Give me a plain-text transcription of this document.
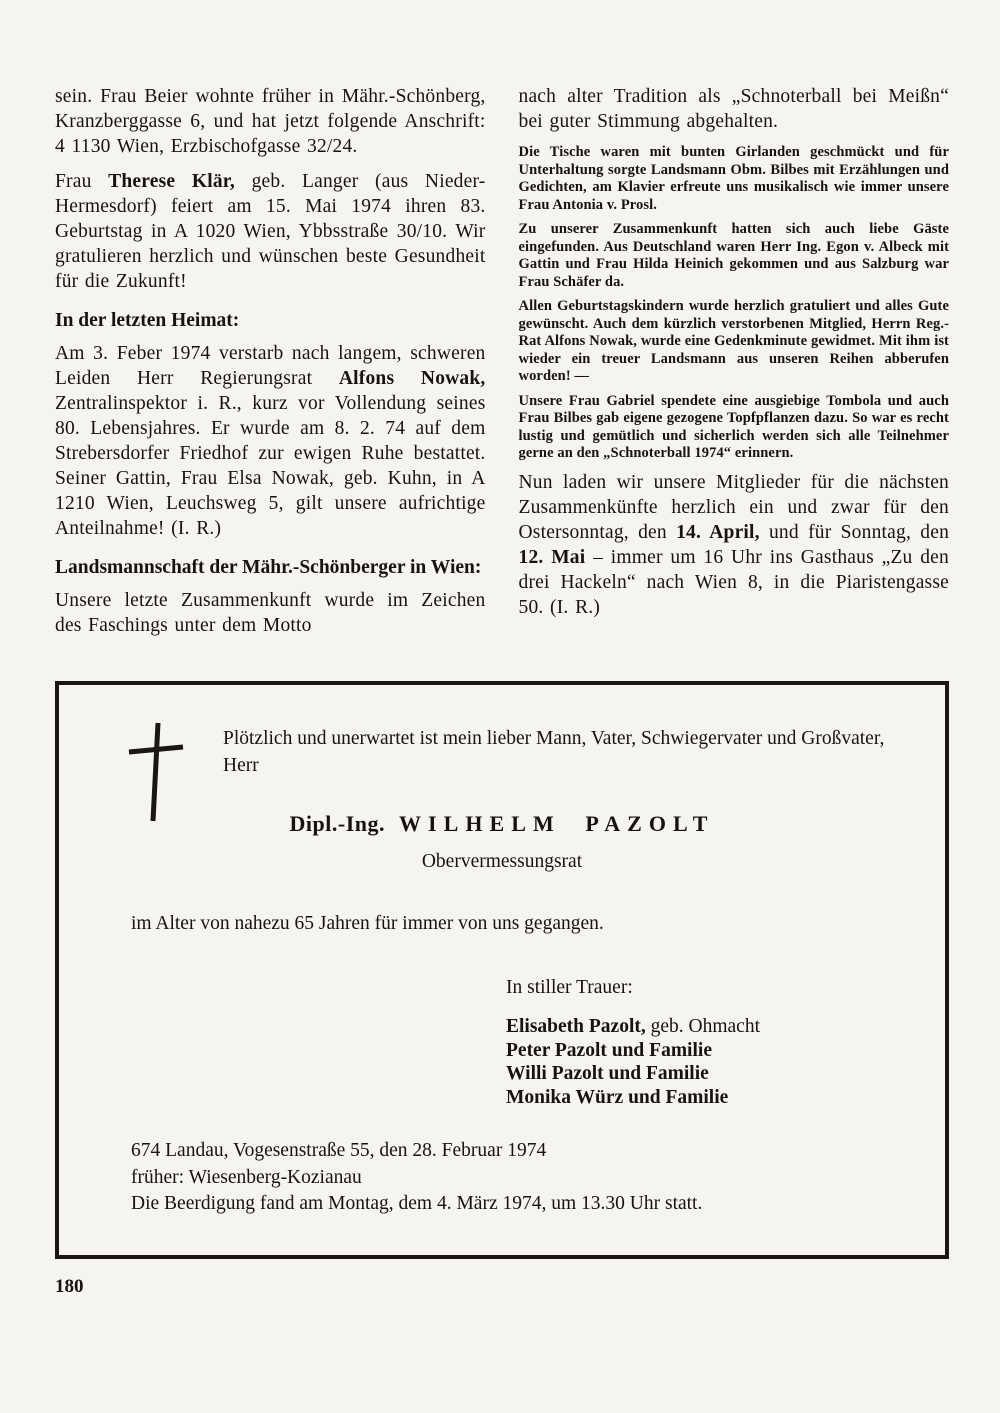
sein. Frau Beier wohnte früher in Mähr.-Schönberg, Kranzberggasse 6, und hat jetzt folgende Anschrift: 4 1130 Wien, Erzbischofgasse 32/24.

Frau Therese Klär, geb. Langer (aus Nieder-Hermesdorf) feiert am 15. Mai 1974 ihren 83. Geburtstag in A 1020 Wien, Ybbsstraße 30/10. Wir gratulieren herzlich und wünschen beste Gesundheit für die Zukunft!

In der letzten Heimat:

Am 3. Feber 1974 verstarb nach langem, schweren Leiden Herr Regierungsrat Alfons Nowak, Zentralinspektor i. R., kurz vor Vollendung seines 80. Lebensjahres. Er wurde am 8. 2. 74 auf dem Strebersdorfer Friedhof zur ewigen Ruhe bestattet. Seiner Gattin, Frau Elsa Nowak, geb. Kuhn, in A 1210 Wien, Leuchsweg 5, gilt unsere aufrichtige Anteilnahme! (I. R.)

Landsmannschaft der Mähr.-Schönberger in Wien:

Unsere letzte Zusammenkunft wurde im Zeichen des Faschings unter dem Motto

nach alter Tradition als „Schnoterball bei Meißn“ bei guter Stimmung abgehalten.

Die Tische waren mit bunten Girlanden geschmückt und für Unterhaltung sorgte Landsmann Obm. Bilbes mit Erzählungen und Gedichten, am Klavier erfreute uns musikalisch wie immer unsere Frau Antonia v. Prosl.

Zu unserer Zusammenkunft hatten sich auch liebe Gäste eingefunden. Aus Deutschland waren Herr Ing. Egon v. Albeck mit Gattin und Frau Hilda Heinich gekommen und aus Salzburg war Frau Schäfer da.

Allen Geburtstagskindern wurde herzlich gratuliert und alles Gute gewünscht. Auch dem kürzlich verstorbenen Mitglied, Herrn Reg.-Rat Alfons Nowak, wurde eine Gedenkminute gewidmet. Mit ihm ist wieder ein treuer Landsmann aus unseren Reihen abberufen worden! —

Unsere Frau Gabriel spendete eine ausgiebige Tombola und auch Frau Bilbes gab eigene gezogene Topfpflanzen dazu. So war es recht lustig und gemütlich und sicherlich werden sich alle Teilnehmer gerne an den „Schnoterball 1974“ erinnern.

Nun laden wir unsere Mitglieder für die nächsten Zusammenkünfte herzlich ein und zwar für den Ostersonntag, den 14. April, und für Sonntag, den 12. Mai – immer um 16 Uhr ins Gasthaus „Zu den drei Hackeln“ nach Wien 8, in die Piaristengasse 50. (I. R.)

Plötzlich und unerwartet ist mein lieber Mann, Vater, Schwiegervater und Großvater, Herr

Dipl.-Ing. WILHELM PAZOLT
Obervermessungsrat

im Alter von nahezu 65 Jahren für immer von uns gegangen.

In stiller Trauer:
Elisabeth Pazolt, geb. Ohmacht
Peter Pazolt und Familie
Willi Pazolt und Familie
Monika Würz und Familie
674 Landau, Vogesenstraße 55, den 28. Februar 1974
früher: Wiesenberg-Kozianau

Die Beerdigung fand am Montag, dem 4. März 1974, um 13.30 Uhr statt.

180
